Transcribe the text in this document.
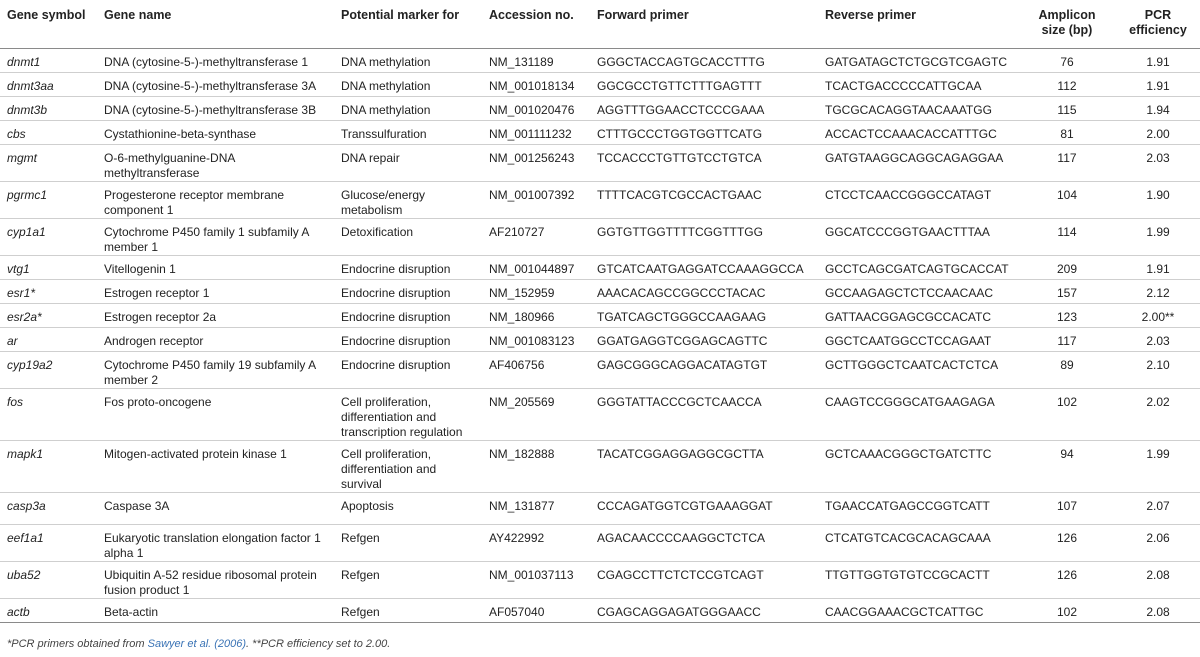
Gene symbol	Gene name	Potential marker for	Accession no.	Forward primer	Reverse primer	Amplicon size (bp)	PCR efficiency
dnmt1	DNA (cytosine-5-)-methyltransferase 1	DNA methylation	NM_131189	GGGCTACCAGTGCACCTTTG	GATGATAGCTCTGCGTCGAGTC	76	1.91
dnmt3aa	DNA (cytosine-5-)-methyltransferase 3A	DNA methylation	NM_001018134	GGCGCCTGTTCTTTGAGTTT	TCACTGACCCCCATTGCAA	112	1.91
dnmt3b	DNA (cytosine-5-)-methyltransferase 3B	DNA methylation	NM_001020476	AGGTTTGGAACCTCCCGAAA	TGCGCACAGGTAACAAATGG	115	1.94
cbs	Cystathionine-beta-synthase	Transsulfuration	NM_001111232	CTTTGCCCTGGTGGTTCATG	ACCACTCCAAACACCATTTGC	81	2.00
mgmt	O-6-methylguanine-DNA methyltransferase	DNA repair	NM_001256243	TCCACCCTGTTGTCCTGTCA	GATGTAAGGCAGGCAGAGGAA	117	2.03
pgrmc1	Progesterone receptor membrane component 1	Glucose/energy metabolism	NM_001007392	TTTTCACGTCGCCACTGAAC	CTCCTCAACCGGGCCATAGT	104	1.90
cyp1a1	Cytochrome P450 family 1 subfamily A member 1	Detoxification	AF210727	GGTGTTGGTTTTCGGTTTGG	GGCATCCCGGTGAACTTTAA	114	1.99
vtg1	Vitellogenin 1	Endocrine disruption	NM_001044897	GTCATCAATGAGGATCCAAAGGCCA	GCCTCAGCGATCAGTGCACCAT	209	1.91
esr1*	Estrogen receptor 1	Endocrine disruption	NM_152959	AAACACAGCCGGCCCTACAC	GCCAAGAGCTCTCCAACAAC	157	2.12
esr2a*	Estrogen receptor 2a	Endocrine disruption	NM_180966	TGATCAGCTGGGCCAAGAAG	GATTAACGGAGCGCCACATC	123	2.00**
ar	Androgen receptor	Endocrine disruption	NM_001083123	GGATGAGGTCGGAGCAGTTC	GGCTCAATGGCCTCCAGAAT	117	2.03
cyp19a2	Cytochrome P450 family 19 subfamily A member 2	Endocrine disruption	AF406756	GAGCGGGCAGGACATAGTGT	GCTTGGGCTCAATCACTCTCA	89	2.10
fos	Fos proto-oncogene	Cell proliferation, differentiation and transcription regulation	NM_205569	GGGTATTACCCGCTCAACCA	CAAGTCCGGGCATGAAGAGA	102	2.02
mapk1	Mitogen-activated protein kinase 1	Cell proliferation, differentiation and survival	NM_182888	TACATCGGAGGAGGCGCTTA	GCTCAAACGGGCTGATCTTC	94	1.99
casp3a	Caspase 3A	Apoptosis	NM_131877	CCCAGATGGTCGTGAAAGGAT	TGAACCATGAGCCGGTCATT	107	2.07
eef1a1	Eukaryotic translation elongation factor 1 alpha 1	Refgen	AY422992	AGACAACCCCAAGGCTCTCA	CTCATGTCACGCACAGCAAA	126	2.06
uba52	Ubiquitin A-52 residue ribosomal protein fusion product 1	Refgen	NM_001037113	CGAGCCTTCTCTCCGTCAGT	TTGTTGGTGTGTCCGCACTT	126	2.08
actb	Beta-actin	Refgen	AF057040	CGAGCAGGAGATGGGAACC	CAACGGAAACGCTCATTGC	102	2.08
*PCR primers obtained from Sawyer et al. (2006). **PCR efficiency set to 2.00.
